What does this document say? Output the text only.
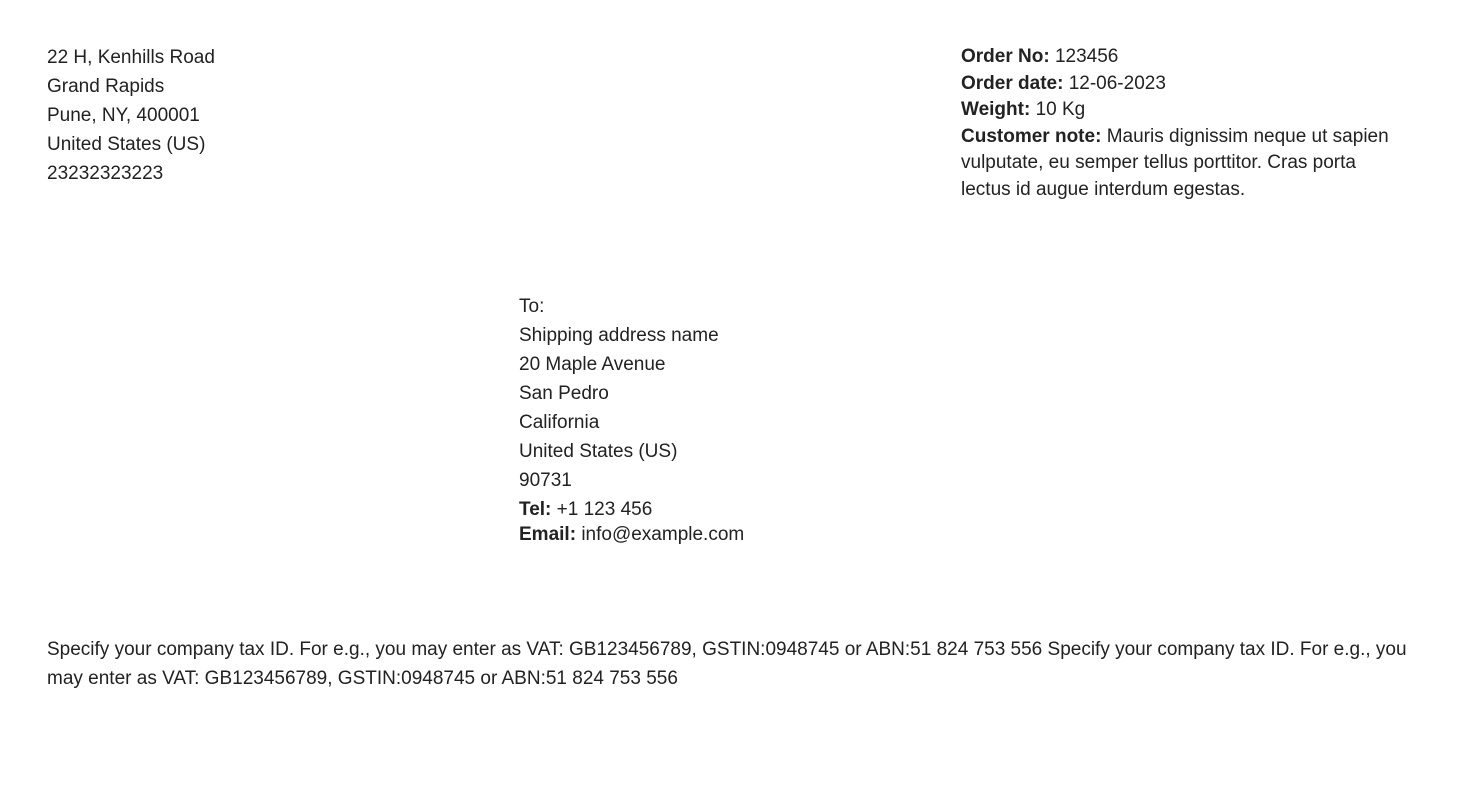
22 H, Kenhills Road
Grand Rapids
Pune, NY, 400001
United States (US)
23232323223
Order No: 123456
Order date: 12-06-2023
Weight: 10 Kg
Customer note: Mauris dignissim neque ut sapien vulputate, eu semper tellus porttitor. Cras porta lectus id augue interdum egestas.
To:
Shipping address name
20 Maple Avenue
San Pedro
California
United States (US)
90731
Tel: +1 123 456
Email: info@example.com
Specify your company tax ID. For e.g., you may enter as VAT: GB123456789, GSTIN:0948745 or ABN:51 824 753 556 Specify your company tax ID. For e.g., you may enter as VAT: GB123456789, GSTIN:0948745 or ABN:51 824 753 556
